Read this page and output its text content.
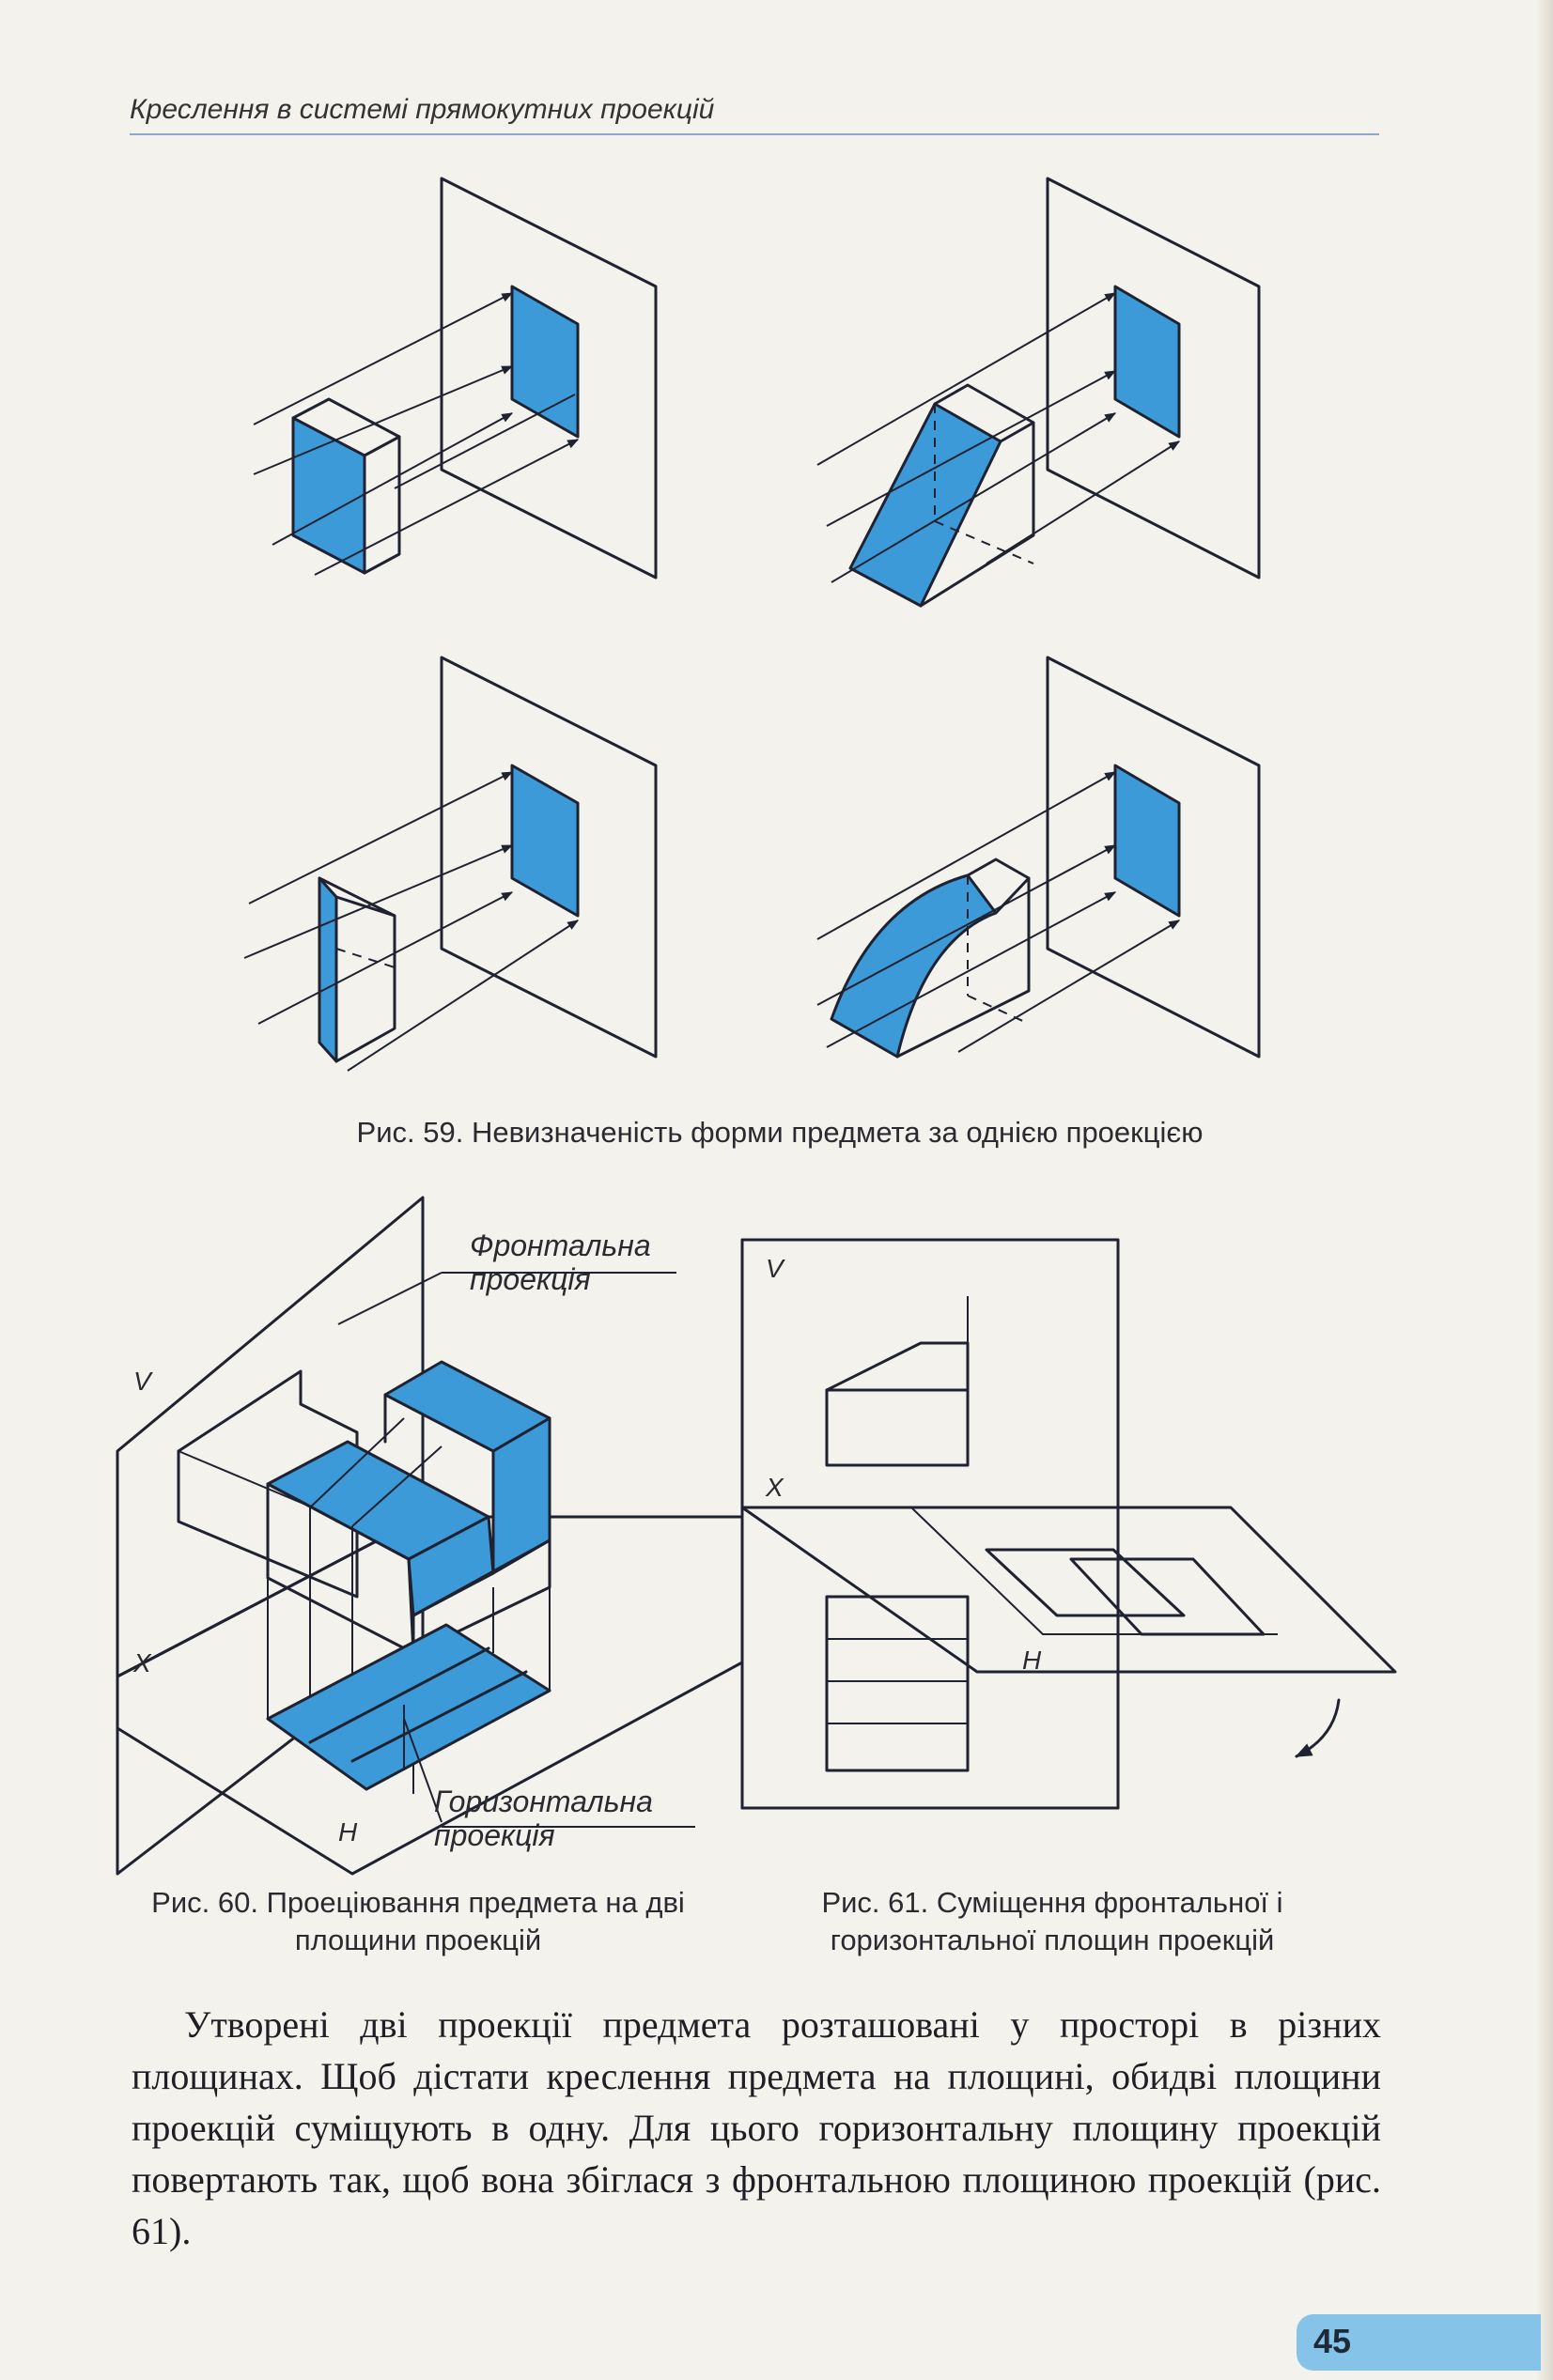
Креслення в системі прямокутних проекцій
Рис. 59. Невизначеність форми предмета за однією проекцією
Фронтальна проекція
V
X
H
Горизонтальна проекція
V
X
H
Рис. 60. Проеціювання предмета на дві площини проекцій
Рис. 61. Суміщення фронтальної і горизонтальної площин проекцій
Утворені дві проекції предмета розташовані у просторі в різних площинах. Щоб дістати креслення предмета на площині, обидві площини проекцій суміщують в одну. Для цього горизонтальну площину проекцій повертають так, щоб вона збіглася з фронтальною площиною проекцій (рис. 61).
45
